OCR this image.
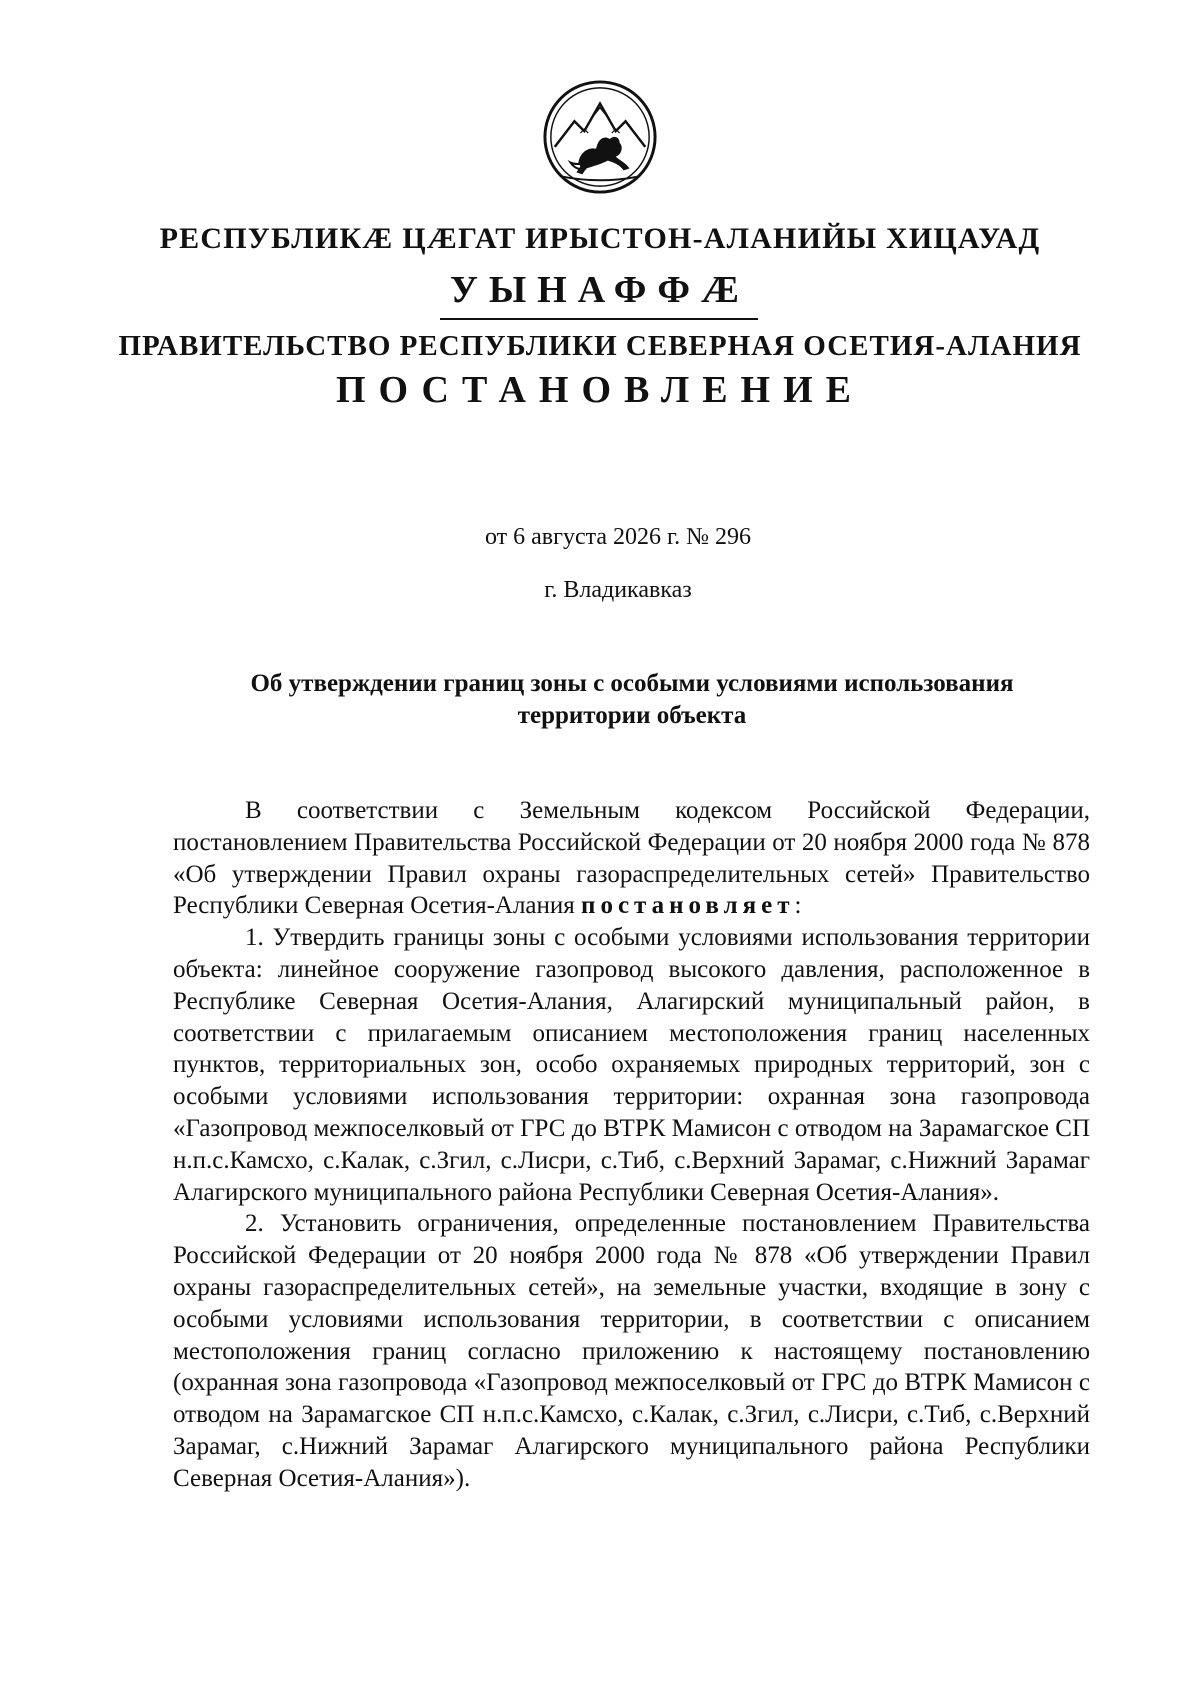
РЕСПУБЛИКÆ ЦÆГАТ ИРЫСТОН-АЛАНИЙЫ ХИЦАУАД
УЫНАФФÆ
ПРАВИТЕЛЬСТВО РЕСПУБЛИКИ СЕВЕРНАЯ ОСЕТИЯ-АЛАНИЯ
ПОСТАНОВЛЕНИЕ
от 6 августа 2026 г. № 296
г. Владикавказ
Об утверждении границ зоны с особыми условиями использования
территории объекта

В соответствии с Земельным кодексом Российской Федерации, постановлением Правительства Российской Федерации от 20 ноября 2000 года № 878 «Об утверждении Правил охраны газораспределительных сетей» Правительство Республики Северная Осетия-Алания постановляет:

1. Утвердить границы зоны с особыми условиями использования территории объекта: линейное сооружение газопровод высокого давления, расположенное в Республике Северная Осетия-Алания, Алагирский муниципальный район, в соответствии с прилагаемым описанием местоположения границ населенных пунктов, территориальных зон, особо охраняемых природных территорий, зон с особыми условиями использования территории: охранная зона газопровода «Газопровод межпоселковый от ГРС до ВТРК Мамисон с отводом на Зарамагское СП н.п.с.Камсхо, с.Калак, с.Згил, с.Лисри, с.Тиб, с.Верхний Зарамаг, с.Нижний Зарамаг Алагирского муниципального района Республики Северная Осетия-Алания».

2. Установить ограничения, определенные постановлением Правительства Российской Федерации от 20 ноября 2000 года № 878 «Об утверждении Правил охраны газораспределительных сетей», на земельные участки, входящие в зону с особыми условиями использования территории, в соответствии с описанием местоположения границ согласно приложению к настоящему постановлению (охранная зона газопровода «Газопровод межпоселковый от ГРС до ВТРК Мамисон с отводом на Зарамагское СП н.п.с.Камсхо, с.Калак, с.Згил, с.Лисри, с.Тиб, с.Верхний Зарамаг, с.Нижний Зарамаг Алагирского муниципального района Республики Северная Осетия-Алания»).
